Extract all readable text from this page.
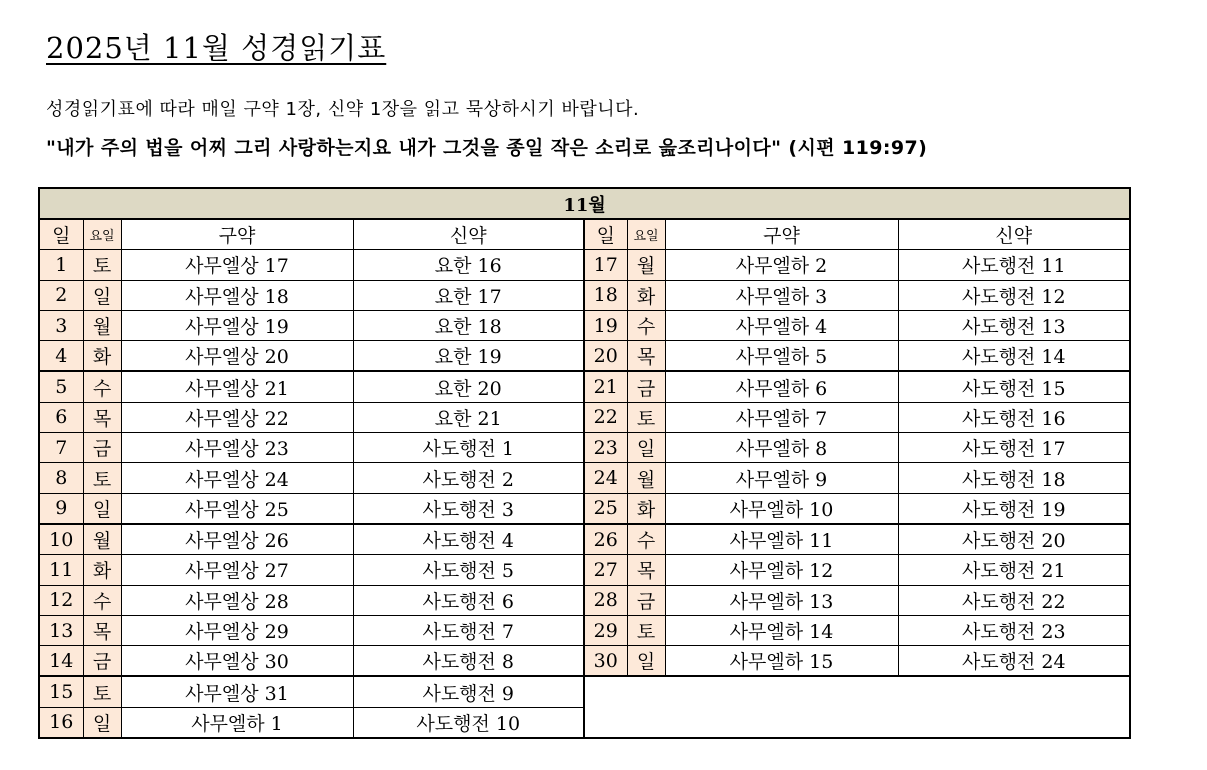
2025년 11월 성경읽기표
성경읽기표에 따라 매일 구약 1장, 신약 1장을 읽고 묵상하시기 바랍니다.
"내가 주의 법을 어찌 그리 사랑하는지요 내가 그것을 종일 작은 소리로 읊조리나이다" (시편 119:97)
11월							
일	요일	구약	신약	일	요일	구약	신약
1	토	사무엘상 17	요한 16	17	월	사무엘하 2	사도행전 11
2	일	사무엘상 18	요한 17	18	화	사무엘하 3	사도행전 12
3	월	사무엘상 19	요한 18	19	수	사무엘하 4	사도행전 13
4	화	사무엘상 20	요한 19	20	목	사무엘하 5	사도행전 14
5	수	사무엘상 21	요한 20	21	금	사무엘하 6	사도행전 15
6	목	사무엘상 22	요한 21	22	토	사무엘하 7	사도행전 16
7	금	사무엘상 23	사도행전 1	23	일	사무엘하 8	사도행전 17
8	토	사무엘상 24	사도행전 2	24	월	사무엘하 9	사도행전 18
9	일	사무엘상 25	사도행전 3	25	화	사무엘하 10	사도행전 19
10	월	사무엘상 26	사도행전 4	26	수	사무엘하 11	사도행전 20
11	화	사무엘상 27	사도행전 5	27	목	사무엘하 12	사도행전 21
12	수	사무엘상 28	사도행전 6	28	금	사무엘하 13	사도행전 22
13	목	사무엘상 29	사도행전 7	29	토	사무엘하 14	사도행전 23
14	금	사무엘상 30	사도행전 8	30	일	사무엘하 15	사도행전 24
15	토	사무엘상 31	사도행전 9				
16	일	사무엘하 1	사도행전 10				
